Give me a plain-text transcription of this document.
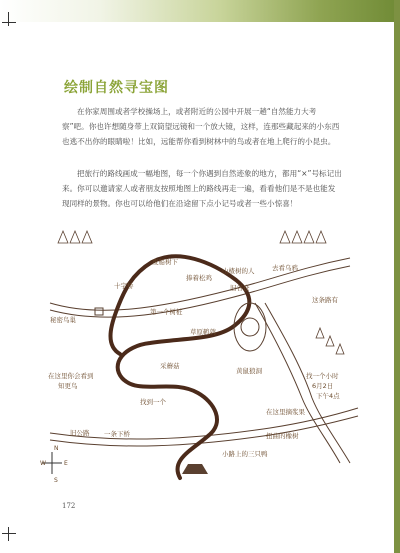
绘制自然寻宝图

在你家周围或者学校操场上，或者附近的公园中开展一趟“自然能力大考察”吧。你也许想随身带上双筒望远镜和一个放大镜，这样，连那些藏起来的小东西也逃不出你的眼睛啦！比如，远能帮你看到树林中的鸟或者在地上爬行的小昆虫。

把旅行的路线画成一幅地图，每一个你遇到自然迹象的地方，都用“×”号标记出来。你可以邀请家人或者朋友按照地图上的路线再走一遍，看看他们是不是也能发现同样的景物。你也可以给他们在沿途留下点小记号或者一些小惊喜！

N
S
E
W
废船树下
十字桥
捧着松鸡
山楂树的人
秘密鸟巢
第一个树桩
草原鹌鹑
旧谷仓
去看乌鸦
这条路有
在这里你会看到
知更鸟
找到一个
采蘑菇
黄鼠狼洞
找一个小时
6月2日
下午4点
在这里摘浆果
旧公路 一条下桥	扭曲的橡树
小路上的三只鸭
172
